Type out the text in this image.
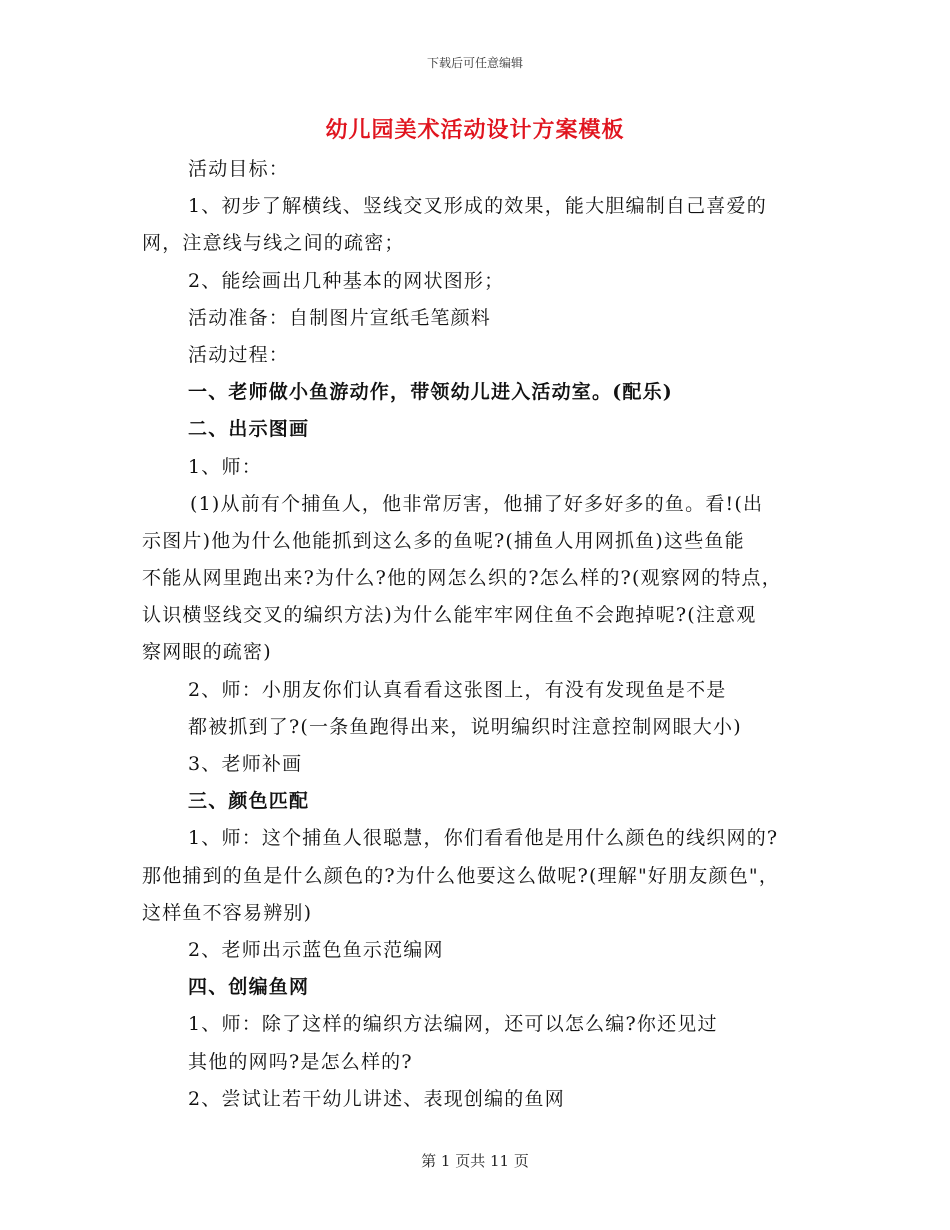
下载后可任意编辑
幼儿园美术活动设计方案模板
活动目标：
1、初步了解横线、竖线交叉形成的效果，能大胆编制自己喜爱的
网，注意线与线之间的疏密；
2、能绘画出几种基本的网状图形；
活动准备：自制图片宣纸毛笔颜料
活动过程：
一、老师做小鱼游动作，带领幼儿进入活动室。(配乐)
二、出示图画
1、师：
(1)从前有个捕鱼人，他非常厉害，他捕了好多好多的鱼。看!(出
示图片)他为什么他能抓到这么多的鱼呢?(捕鱼人用网抓鱼)这些鱼能
不能从网里跑出来?为什么?他的网怎么织的?怎么样的?(观察网的特点，
认识横竖线交叉的编织方法)为什么能牢牢网住鱼不会跑掉呢?(注意观
察网眼的疏密)
2、师：小朋友你们认真看看这张图上，有没有发现鱼是不是
都被抓到了?(一条鱼跑得出来，说明编织时注意控制网眼大小)
3、老师补画
三、颜色匹配
1、师：这个捕鱼人很聪慧，你们看看他是用什么颜色的线织网的?
那他捕到的鱼是什么颜色的?为什么他要这么做呢?(理解"好朋友颜色"，
这样鱼不容易辨别)
2、老师出示蓝色鱼示范编网
四、创编鱼网
1、师：除了这样的编织方法编网，还可以怎么编?你还见过
其他的网吗?是怎么样的?
2、尝试让若干幼儿讲述、表现创编的鱼网
第 1 页共 11 页
